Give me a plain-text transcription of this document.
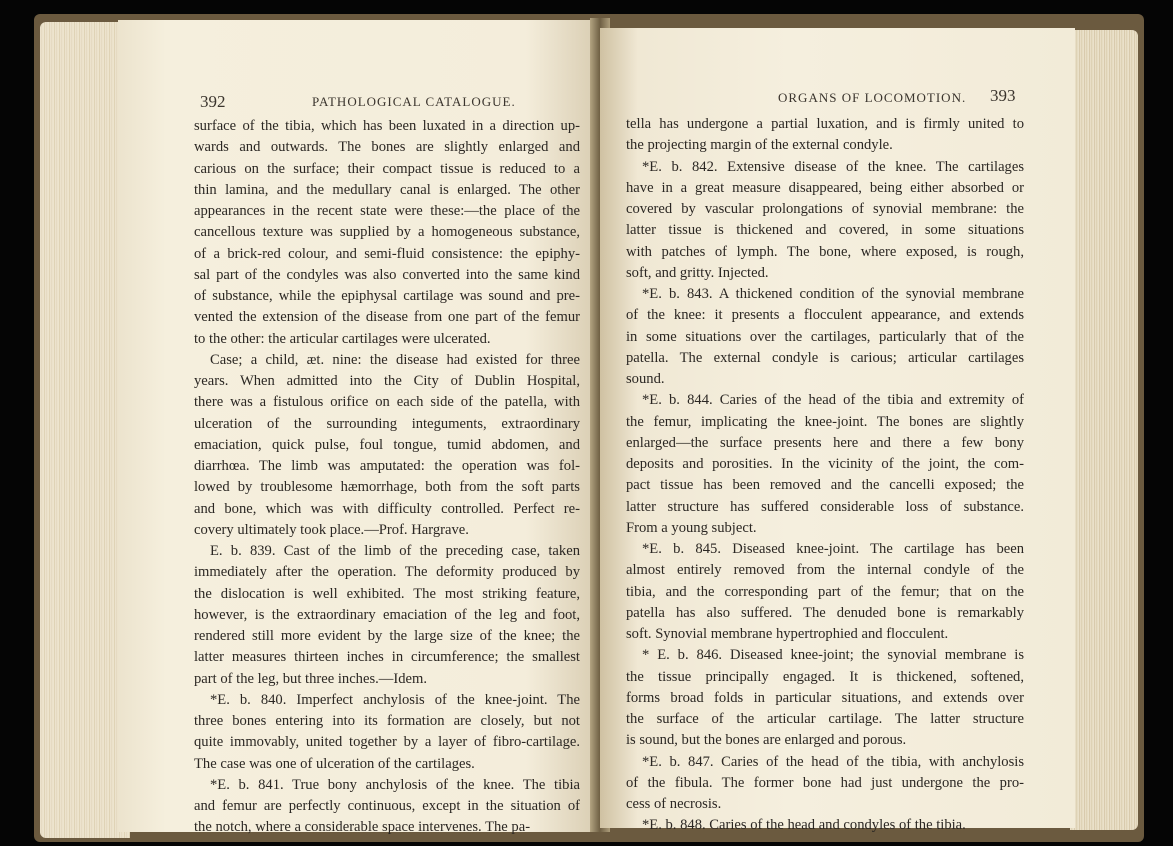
392	PATHOLOGICAL CATALOGUE.
surface of the tibia, which has been luxated in a direction up-
wards and outwards. The bones are slightly enlarged and
carious on the surface; their compact tissue is reduced to a
thin lamina, and the medullary canal is enlarged. The other
appearances in the recent state were these:—the place of the
cancellous texture was supplied by a homogeneous substance,
of a brick-red colour, and semi-fluid consistence: the epiphy-
sal part of the condyles was also converted into the same kind
of substance, while the epiphysal cartilage was sound and pre-
vented the extension of the disease from one part of the femur
to the other: the articular cartilages were ulcerated.
Case; a child, æt. nine: the disease had existed for three
years. When admitted into the City of Dublin Hospital,
there was a fistulous orifice on each side of the patella, with
ulceration of the surrounding integuments, extraordinary
emaciation, quick pulse, foul tongue, tumid abdomen, and
diarrhœa. The limb was amputated: the operation was fol-
lowed by troublesome hæmorrhage, both from the soft parts
and bone, which was with difficulty controlled. Perfect re-
covery ultimately took place.—Prof. Hargrave.
E. b. 839. Cast of the limb of the preceding case, taken
immediately after the operation. The deformity produced by
the dislocation is well exhibited. The most striking feature,
however, is the extraordinary emaciation of the leg and foot,
rendered still more evident by the large size of the knee; the
latter measures thirteen inches in circumference; the smallest
part of the leg, but three inches.—Idem.
*E. b. 840. Imperfect anchylosis of the knee-joint. The
three bones entering into its formation are closely, but not
quite immovably, united together by a layer of fibro-cartilage.
The case was one of ulceration of the cartilages.
*E. b. 841. True bony anchylosis of the knee. The tibia
and femur are perfectly continuous, except in the situation of
the notch, where a considerable space intervenes. The pa-
ORGANS OF LOCOMOTION. 393
tella has undergone a partial luxation, and is firmly united to
the projecting margin of the external condyle.
*E. b. 842. Extensive disease of the knee. The cartilages
have in a great measure disappeared, being either absorbed or
covered by vascular prolongations of synovial membrane: the
latter tissue is thickened and covered, in some situations
with patches of lymph. The bone, where exposed, is rough,
soft, and gritty. Injected.
*E. b. 843. A thickened condition of the synovial membrane
of the knee: it presents a flocculent appearance, and extends
in some situations over the cartilages, particularly that of the
patella. The external condyle is carious; articular cartilages
sound.
*E. b. 844. Caries of the head of the tibia and extremity of
the femur, implicating the knee-joint. The bones are slightly
enlarged—the surface presents here and there a few bony
deposits and porosities. In the vicinity of the joint, the com-
pact tissue has been removed and the cancelli exposed; the
latter structure has suffered considerable loss of substance.
From a young subject.
*E. b. 845. Diseased knee-joint. The cartilage has been
almost entirely removed from the internal condyle of the
tibia, and the corresponding part of the femur; that on the
patella has also suffered. The denuded bone is remarkably
soft. Synovial membrane hypertrophied and flocculent.
* E. b. 846. Diseased knee-joint; the synovial membrane is
the tissue principally engaged. It is thickened, softened,
forms broad folds in particular situations, and extends over
the surface of the articular cartilage. The latter structure
is sound, but the bones are enlarged and porous.
*E. b. 847. Caries of the head of the tibia, with anchylosis
of the fibula. The former bone had just undergone the pro-
cess of necrosis.
*E. b. 848. Caries of the head and condyles of the tibia.
